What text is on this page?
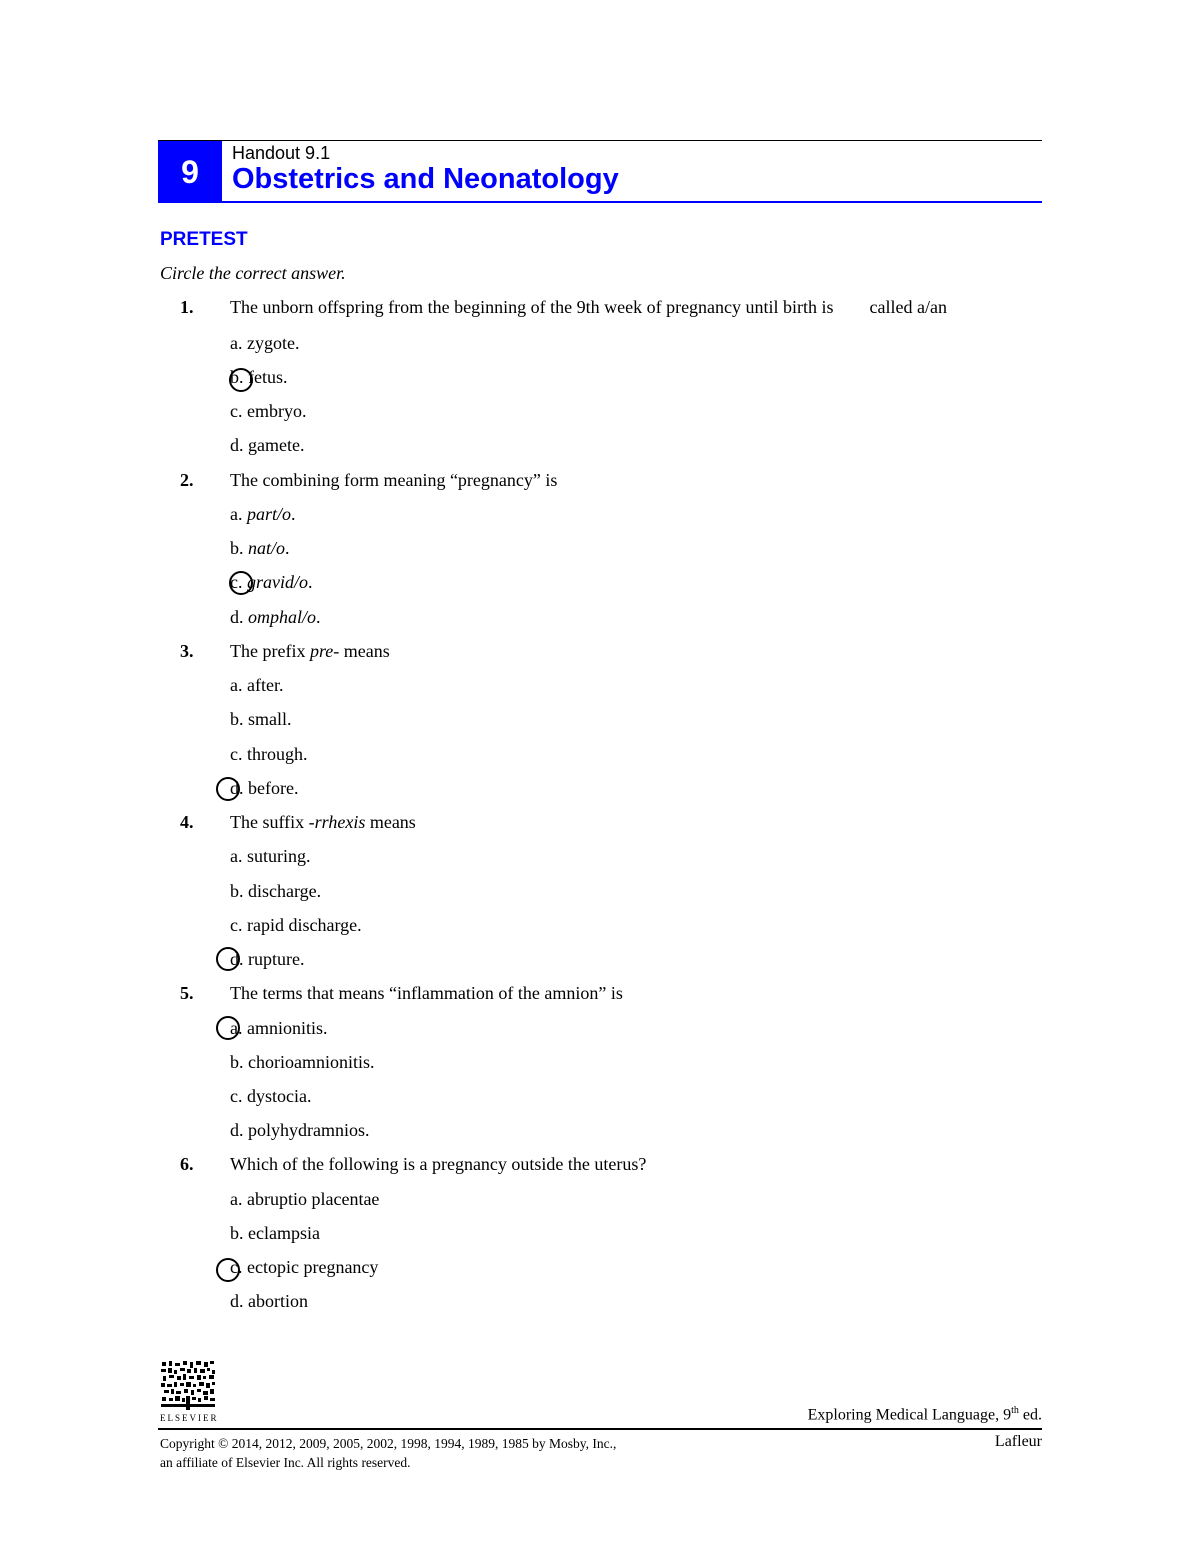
9
Handout 9.1
Obstetrics and Neonatology
PRETEST
Circle the correct answer.
1. The unborn offspring from the beginning of the 9th week of pregnancy until birth is called a/an
a. zygote.
b. fetus.
c. embryo.
d. gamete.
2. The combining form meaning “pregnancy” is
a. part/o.
b. nat/o.
c. gravid/o.
d. omphal/o.
3. The prefix pre- means
a. after.
b. small.
c. through.
d. before.
4. The suffix -rrhexis means
a. suturing.
b. discharge.
c. rapid discharge.
d. rupture.
5. The terms that means “inflammation of the amnion” is
a. amnionitis.
b. chorioamnionitis.
c. dystocia.
d. polyhydramnios.
6. Which of the following is a pregnancy outside the uterus?
a. abruptio placentae
b. eclampsia
c. ectopic pregnancy
d. abortion
ELSEVIER	Exploring Medical Language, 9th ed.
Copyright © 2014, 2012, 2009, 2005, 2002, 1998, 1994, 1989, 1985 by Mosby, Inc.,
an affiliate of Elsevier Inc. All rights reserved.
Lafleur
